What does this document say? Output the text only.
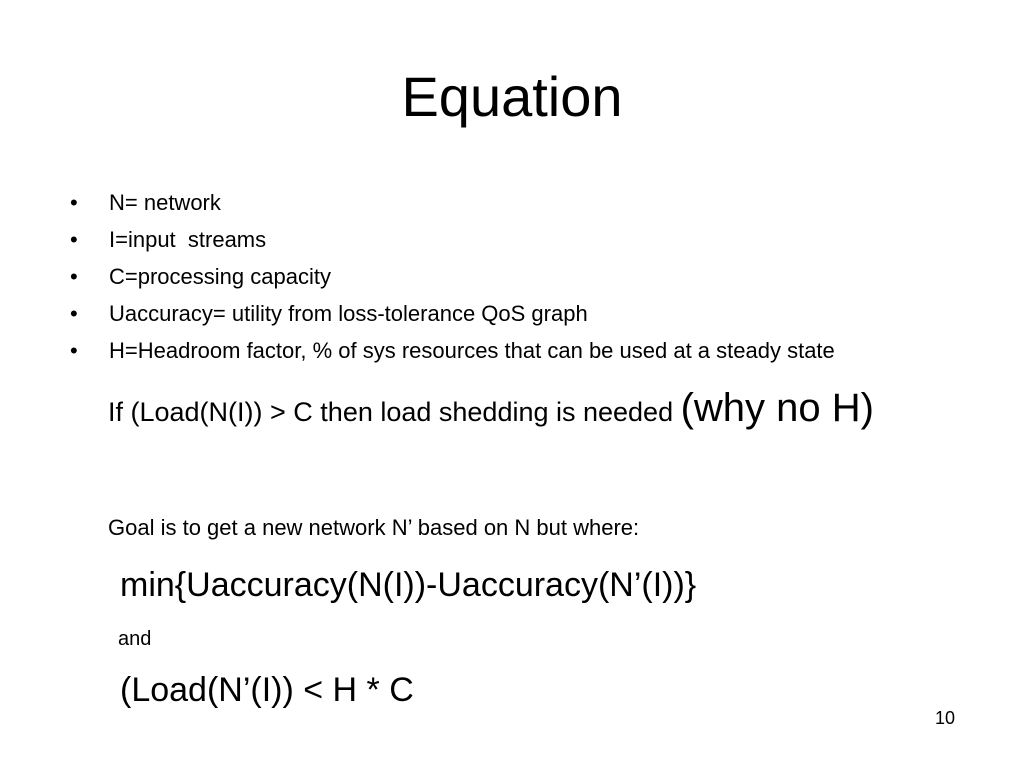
Equation
• N= network
• I=input  streams
• C=processing capacity
• Uaccuracy= utility from loss-tolerance QoS graph
• H=Headroom factor, % of sys resources that can be used at a steady state
If (Load(N(I)) > C then load shedding is needed (why no H)
Goal is to get a new network N’ based on N but where:
min{Uaccuracy(N(I))-Uaccuracy(N’(I))}
and
(Load(N’(I)) < H * C
10
